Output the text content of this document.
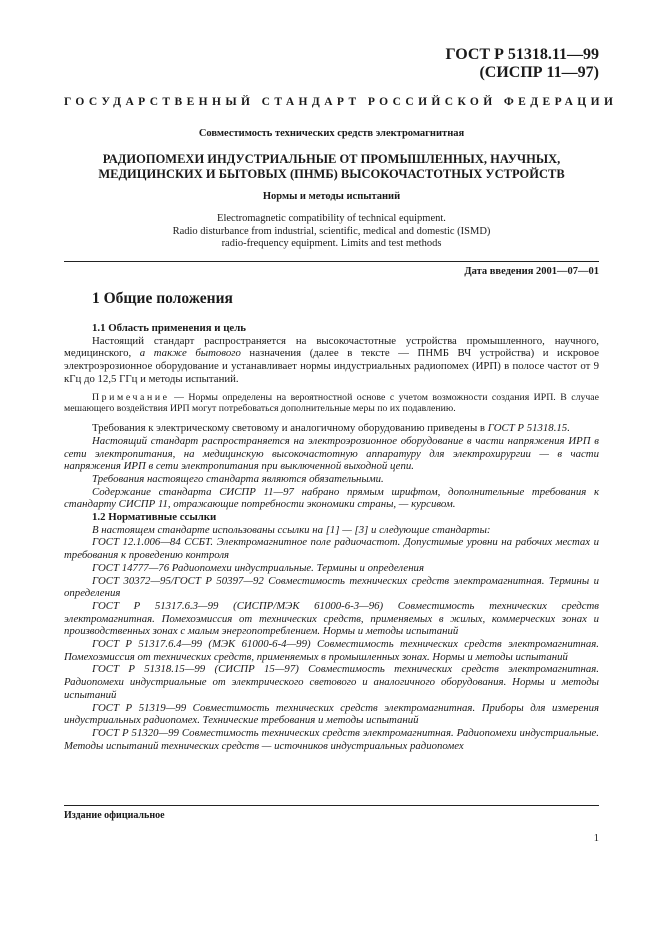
ГОСТ Р 51318.11—99
(СИСПР 11—97)
ГОСУДАРСТВЕННЫЙ СТАНДАРТ РОССИЙСКОЙ ФЕДЕРАЦИИ
Совместимость технических средств электромагнитная
РАДИОПОМЕХИ ИНДУСТРИАЛЬНЫЕ ОТ ПРОМЫШЛЕННЫХ, НАУЧНЫХ,
МЕДИЦИНСКИХ И БЫТОВЫХ (ПНМБ) ВЫСОКОЧАСТОТНЫХ УСТРОЙСТВ
Нормы и методы испытаний
Electromagnetic compatibility of technical equipment.
Radio disturbance from industrial, scientific, medical and domestic (ISMD)
radio-frequency equipment. Limits and test methods
Дата введения 2001—07—01
1 Общие положения

1.1 Область применения и цель

Настоящий стандарт распространяется на высокочастотные устройства промышленного, научного, медицинского, а также бытового назначения (далее в тексте — ПНМБ ВЧ устройства) и искровое электроэрозионное оборудование и устанавливает нормы индустриальных радиопомех (ИРП) в полосе частот от 9 кГц до 12,5 ГГц и методы испытаний.

Примечание — Нормы определены на вероятностной основе с учетом возможности создания ИРП. В случае мешающего воздействия ИРП могут потребоваться дополнительные меры по их подавлению.

Требования к электрическому световому и аналогичному оборудованию приведены в ГОСТ Р 51318.15.

Настоящий стандарт распространяется на электроэрозионное оборудование в части напряжения ИРП в сети электропитания, на медицинскую высокочастотную аппаратуру для электрохирургии — в части напряжения ИРП в сети электропитания при выключенной выходной цепи.

Требования настоящего стандарта являются обязательными.

Содержание стандарта СИСПР 11—97 набрано прямым шрифтом, дополнительные требования к стандарту СИСПР 11, отражающие потребности экономики страны, — курсивом.

1.2 Нормативные ссылки

В настоящем стандарте использованы ссылки на [1] — [3] и следующие стандарты:

ГОСТ 12.1.006—84 ССБТ. Электромагнитное поле радиочастот. Допустимые уровни на рабочих местах и требования к проведению контроля

ГОСТ 14777—76 Радиопомехи индустриальные. Термины и определения

ГОСТ 30372—95/ГОСТ Р 50397—92 Совместимость технических средств электромагнитная. Термины и определения

ГОСТ Р 51317.6.3—99 (СИСПР/МЭК 61000-6-3—96) Совместимость технических средств электромагнитная. Помехоэмиссия от технических средств, применяемых в жилых, коммерческих зонах и производственных зонах с малым энергопотреблением. Нормы и методы испытаний

ГОСТ Р 51317.6.4—99 (МЭК 61000-6-4—99) Совместимость технических средств электромагнитная. Помехоэмиссия от технических средств, применяемых в промышленных зонах. Нормы и методы испытаний

ГОСТ Р 51318.15—99 (СИСПР 15—97) Совместимость технических средств электромагнитная. Радиопомехи индустриальные от электрического светового и аналогичного оборудования. Нормы и методы испытаний

ГОСТ Р 51319—99 Совместимость технических средств электромагнитная. Приборы для измерения индустриальных радиопомех. Технические требования и методы испытаний

ГОСТ Р 51320—99 Совместимость технических средств электромагнитная. Радиопомехи индустриальные. Методы испытаний технических средств — источников индустриальных радиопомех

Издание официальное
1
